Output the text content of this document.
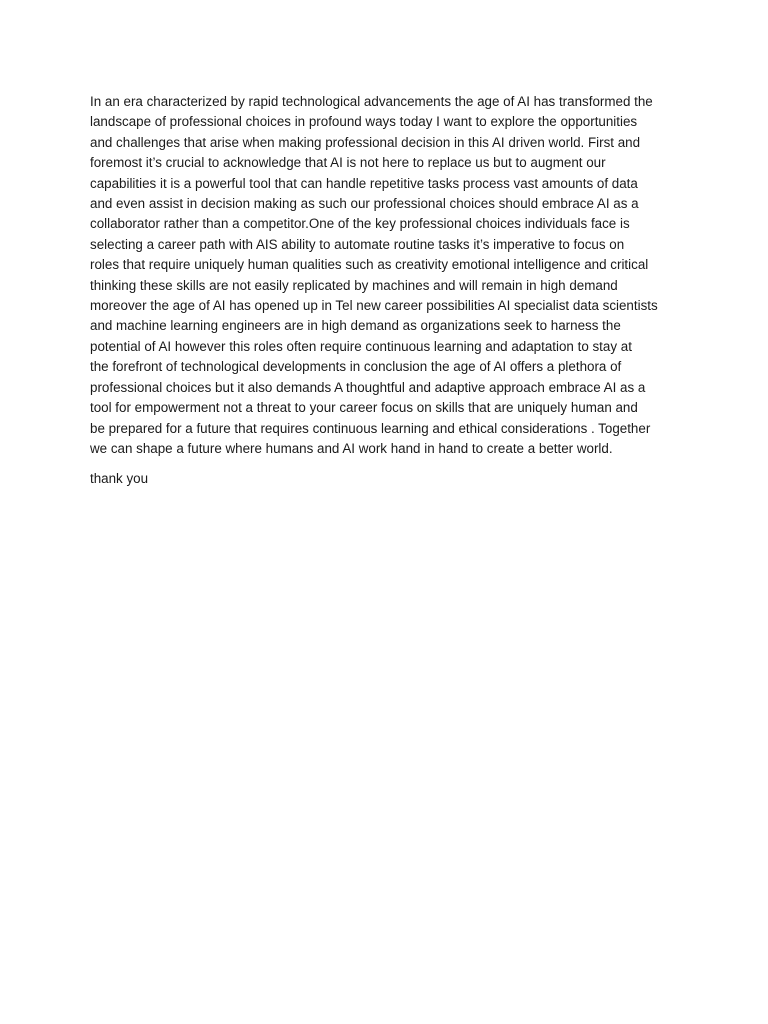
In an era characterized by rapid technological advancements the age of AI has transformed the
landscape of professional choices in profound ways today I want to explore the opportunities
and challenges that arise when making professional decision in this AI driven world. First and
foremost it’s crucial to acknowledge that AI is not here to replace us but to augment our
capabilities it is a powerful tool that can handle repetitive tasks process vast amounts of data
and even assist in decision making as such our professional choices should embrace AI as a
collaborator rather than a competitor.One of the key professional choices individuals face is
selecting a career path with AIS ability to automate routine tasks it’s imperative to focus on
roles that require uniquely human qualities such as creativity emotional intelligence and critical
thinking these skills are not easily replicated by machines and will remain in high demand
moreover the age of AI has opened up in Tel new career possibilities AI specialist data scientists
and machine learning engineers are in high demand as organizations seek to harness the
potential of AI however this roles often require continuous learning and adaptation to stay at
the forefront of technological developments in conclusion the age of AI offers a plethora of
professional choices but it also demands A thoughtful and adaptive approach embrace AI as a
tool for empowerment not a threat to your career focus on skills that are uniquely human and
be prepared for a future that requires continuous learning and ethical considerations . Together
we can shape a future where humans and AI work hand in hand to create a better world.
thank you
